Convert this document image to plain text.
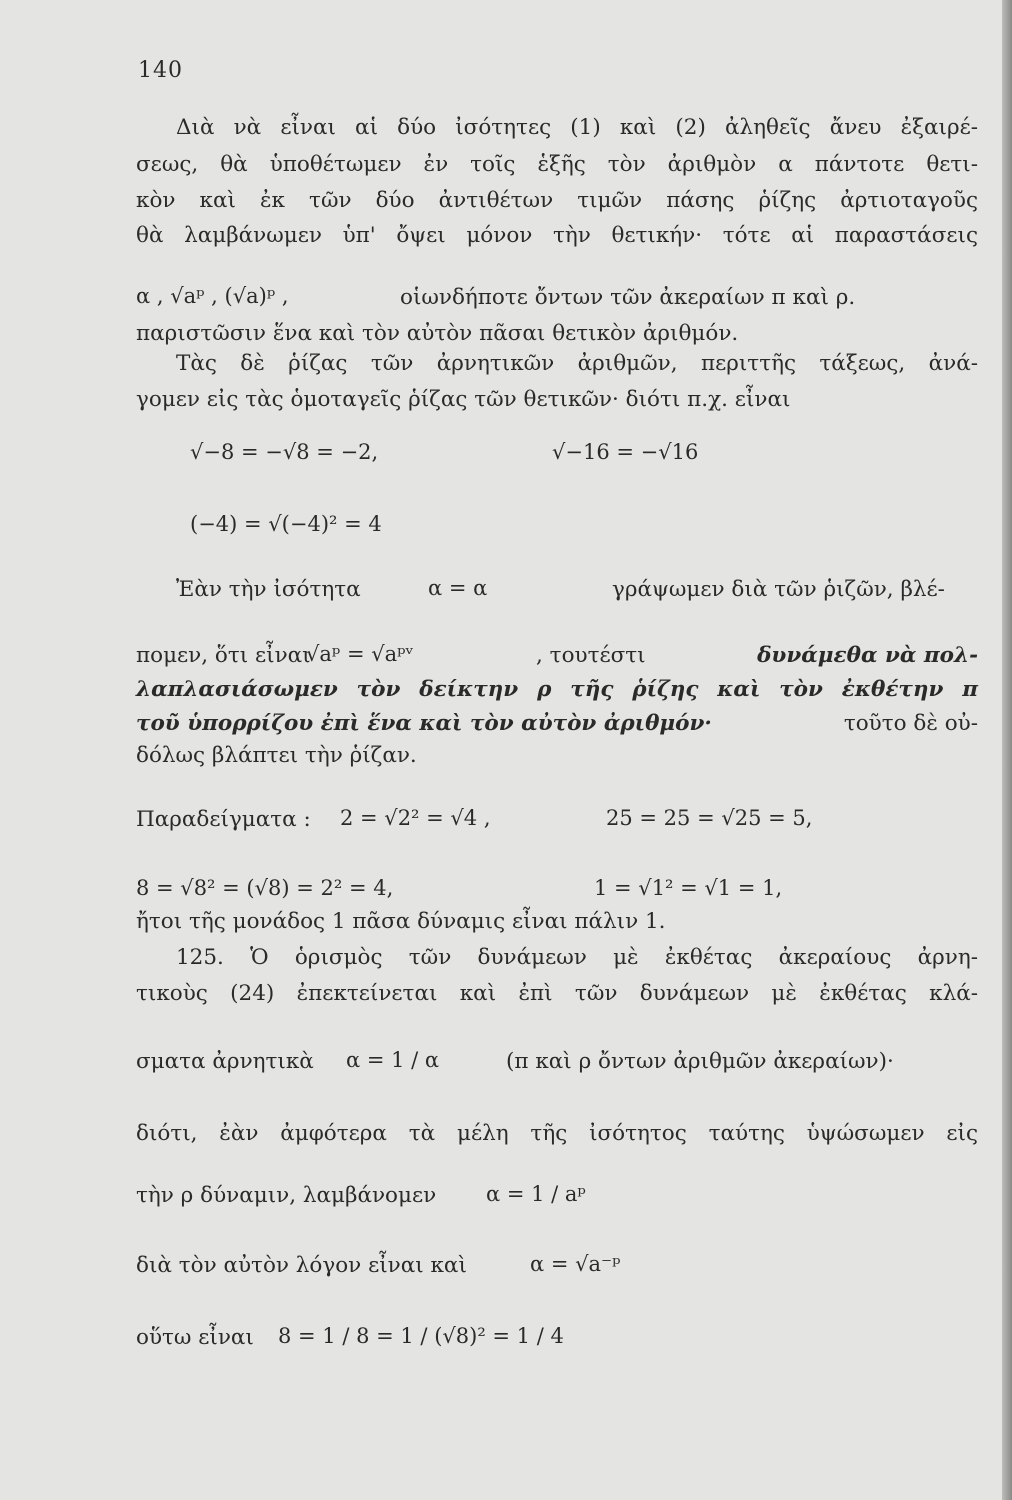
140
Διὰ νὰ εἶναι αἱ δύο ἰσότητες (1) καὶ (2) ἀληθεῖς ἄνευ ἐξαιρέ-
σεως, θὰ ὑποθέτωμεν ἐν τοῖς ἑξῆς τὸν ἀριθμὸν α πάντοτε θετι-
κὸν καὶ ἐκ τῶν δύο ἀντιθέτων τιμῶν πάσης ῥίζης ἀρτιοταγοῦς
θὰ λαμβάνωμεν ὑπ' ὄψει μόνον τὴν θετικήν· τότε αἱ παραστάσεις
α , √aᵖ , (√a)ᵖ ,	οἱωνδήποτε ὄντων τῶν ἀκεραίων π καὶ ρ.
παριστῶσιν ἕνα καὶ τὸν αὐτὸν πᾶσαι θετικὸν ἀριθμόν.
Τὰς δὲ ῥίζας τῶν ἀρνητικῶν ἀριθμῶν, περιττῆς τάξεως, ἀνά-
γομεν εἰς τὰς ὁμοταγεῖς ῥίζας τῶν θετικῶν· διότι π.χ. εἶναι
√−8 = −√8 = −2,	√−16 = −√16
(−4) = √(−4)² = 4
Ἐὰν τὴν ἰσότητα	α = α	γράψωμεν διὰ τῶν ῥιζῶν, βλέ-
πομεν, ὅτι εἶναι
√aᵖ = √aᵖᵛ	, τουτέστι	δυνάμεθα νὰ πολ-
λαπλασιάσωμεν τὸν δείκτην ρ τῆς ῥίζης καὶ τὸν ἐκθέτην π
τοῦ ὑπορρίζου ἐπὶ ἕνα καὶ τὸν αὐτὸν ἀριθμόν·	τοῦτο δὲ οὐ-
δόλως βλάπτει τὴν ῥίζαν.
Παραδείγματα :	2 = √2² = √4 ,	25 = 25 = √25 = 5,
8 = √8² = (√8) = 2² = 4,	1 = √1² = √1 = 1,
ἤτοι τῆς μονάδος 1 πᾶσα δύναμις εἶναι πάλιν 1.
125. Ὁ ὁρισμὸς τῶν δυνάμεων μὲ ἐκθέτας ἀκεραίους ἀρνη-
τικοὺς (24) ἐπεκτείνεται καὶ ἐπὶ τῶν δυνάμεων μὲ ἐκθέτας κλά-
σματα ἀρνητικὰ	α = 1 / α	(π καὶ ρ ὄντων ἀριθμῶν ἀκεραίων)·
διότι, ἐὰν ἀμφότερα τὰ μέλη τῆς ἰσότητος ταύτης ὑψώσωμεν εἰς
τὴν ρ δύναμιν, λαμβάνομεν	α = 1 / aᵖ
διὰ τὸν αὐτὸν λόγον εἶναι καὶ	α = √a⁻ᵖ
οὕτω εἶναι	8 = 1 / 8 = 1 / (√8)² = 1 / 4
